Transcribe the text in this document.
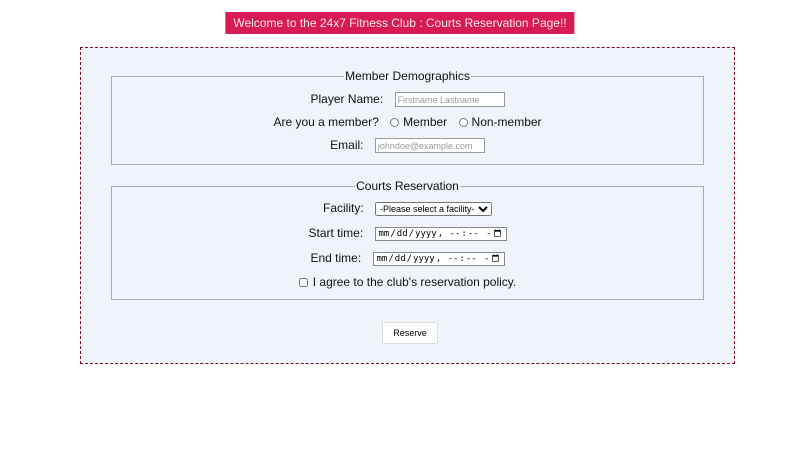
Welcome to the 24x7 Fitness Club : Courts Reservation Page!!
Member Demographics
Player Name: Firstname Lastname
Are you a member? Member Non-member
Email: johndoe@example.com
Courts Reservation
Facility:
-Please select a facility-
Start time:
End time:
I agree to the club's reservation policy.
Reserve
